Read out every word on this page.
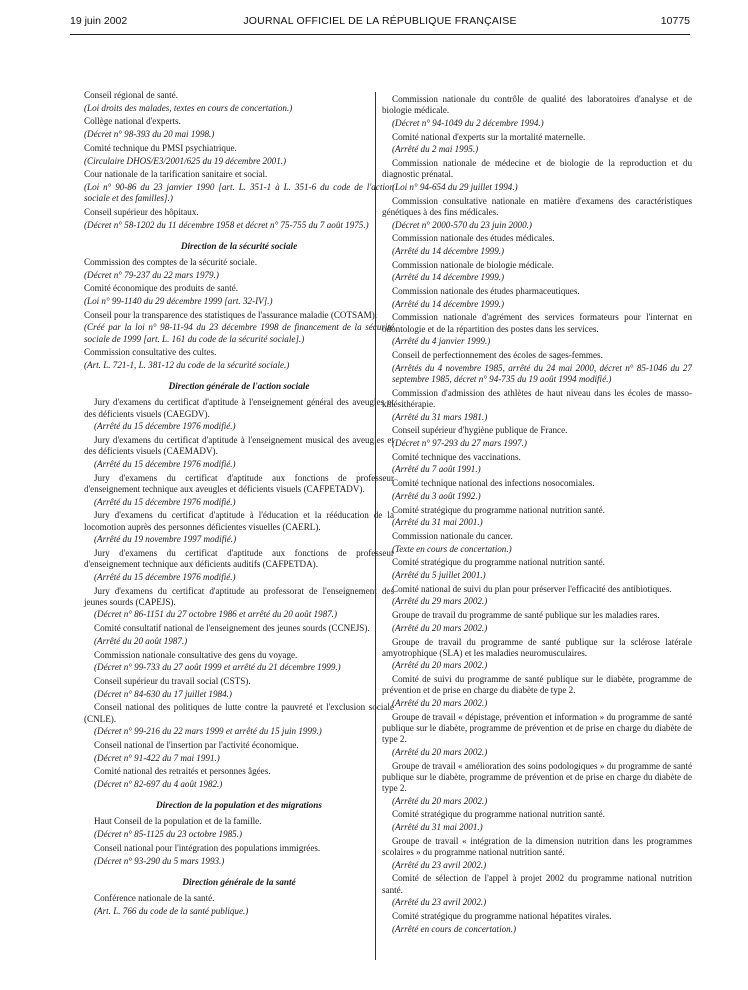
19 juin 2002	JOURNAL OFFICIEL DE LA RÉPUBLIQUE FRANÇAISE	10775
Conseil régional de santé.
(Loi droits des malades, textes en cours de concertation.)
Collège national d'experts.
(Décret n° 98-393 du 20 mai 1998.)
Comité technique du PMSI psychiatrique.
(Circulaire DHOS/E3/2001/625 du 19 décembre 2001.)
Cour nationale de la tarification sanitaire et social.
(Loi n° 90-86 du 23 janvier 1990 [art. L. 351-1 à L. 351-6 du code de l'action sociale et des familles].)
Conseil supérieur des hôpitaux.
(Décret n° 58-1202 du 11 décembre 1958 et décret n° 75-755 du 7 août 1975.)
Direction de la sécurité sociale
Commission des comptes de la sécurité sociale.
(Décret n° 79-237 du 22 mars 1979.)
Comité économique des produits de santé.
(Loi n° 99-1140 du 29 décembre 1999 [art. 32-IV].)
Conseil pour la transparence des statistiques de l'assurance maladie (COTSAM).
(Créé par la loi n° 98-11-94 du 23 décembre 1998 de financement de la sécurité sociale de 1999 [art. L. 161 du code de la sécurité sociale].)
Commission consultative des cultes.
(Art. L. 721-1, L. 381-12 du code de la sécurité sociale.)
Direction générale de l'action sociale
Jury d'examens du certificat d'aptitude à l'enseignement général des aveugles et des déficients visuels (CAEGDV).
(Arrêté du 15 décembre 1976 modifié.)
Jury d'examens du certificat d'aptitude à l'enseignement musical des aveugles et des déficients visuels (CAEMADV).
(Arrêté du 15 décembre 1976 modifié.)
Jury d'examens du certificat d'aptitude aux fonctions de professeur d'enseignement technique aux aveugles et déficients visuels (CAFPETADV).
(Arrêté du 15 décembre 1976 modifié.)
Jury d'examens du certificat d'aptitude à l'éducation et la rééducation de la locomotion auprès des personnes déficientes visuelles (CAERL).
(Arrêté du 19 novembre 1997 modifié.)
Jury d'examens du certificat d'aptitude aux fonctions de professeur d'enseignement technique aux déficients auditifs (CAFPETDA).
(Arrêté du 15 décembre 1976 modifié.)
Jury d'examens du certificat d'aptitude au professorat de l'enseignement des jeunes sourds (CAPEJS).
(Décret n° 86-1151 du 27 octobre 1986 et arrêté du 20 août 1987.)
Comité consultatif national de l'enseignement des jeunes sourds (CCNEJS).
(Arrêté du 20 août 1987.)
Commission nationale consultative des gens du voyage.
(Décret n° 99-733 du 27 août 1999 et arrêté du 21 décembre 1999.)
Conseil supérieur du travail social (CSTS).
(Décret n° 84-630 du 17 juillet 1984.)
Conseil national des politiques de lutte contre la pauvreté et l'exclusion sociale (CNLE).
(Décret n° 99-216 du 22 mars 1999 et arrêté du 15 juin 1999.)
Conseil national de l'insertion par l'activité économique.
(Décret n° 91-422 du 7 mai 1991.)
Comité national des retraités et personnes âgées.
(Décret n° 82-697 du 4 août 1982.)
Direction de la population et des migrations
Haut Conseil de la population et de la famille.
(Décret n° 85-1125 du 23 octobre 1985.)
Conseil national pour l'intégration des populations immigrées.
(Décret n° 93-290 du 5 mars 1993.)
Direction générale de la santé
Conférence nationale de la santé.
(Art. L. 766 du code de la santé publique.)
Commission nationale du contrôle de qualité des laboratoires d'analyse et de biologie médicale.
(Décret n° 94-1049 du 2 décembre 1994.)
Comité national d'experts sur la mortalité maternelle.
(Arrêté du 2 mai 1995.)
Commission nationale de médecine et de biologie de la reproduction et du diagnostic prénatal.
(Loi n° 94-654 du 29 juillet 1994.)
Commission consultative nationale en matière d'examens des caractéristiques génétiques à des fins médicales.
(Décret n° 2000-570 du 23 juin 2000.)
Commission nationale des études médicales.
(Arrêté du 14 décembre 1999.)
Commission nationale de biologie médicale.
(Arrêté du 14 décembre 1999.)
Commission nationale des études pharmaceutiques.
(Arrêté du 14 décembre 1999.)
Commission nationale d'agrément des services formateurs pour l'internat en odontologie et de la répartition des postes dans les services.
(Arrêté du 4 janvier 1999.)
Conseil de perfectionnement des écoles de sages-femmes.
(Arrêtés du 4 novembre 1985, arrêté du 24 mai 2000, décret n° 85-1046 du 27 septembre 1985, décret n° 94-735 du 19 août 1994 modifié.)
Commission d'admission des athlètes de haut niveau dans les écoles de masso-kinésithérapie.
(Arrêté du 31 mars 1981.)
Conseil supérieur d'hygiène publique de France.
(Décret n° 97-293 du 27 mars 1997.)
Comité technique des vaccinations.
(Arrêté du 7 août 1991.)
Comité technique national des infections nosocomiales.
(Arrêté du 3 août 1992.)
Comité stratégique du programme national nutrition santé.
(Arrêté du 31 mai 2001.)
Commission nationale du cancer.
(Texte en cours de concertation.)
Comité stratégique du programme national nutrition santé.
(Arrêté du 5 juillet 2001.)
Comité national de suivi du plan pour préserver l'efficacité des antibiotiques.
(Arrêté du 29 mars 2002.)
Groupe de travail du programme de santé publique sur les maladies rares.
(Arrêté du 20 mars 2002.)
Groupe de travail du programme de santé publique sur la sclérose latérale amyotrophique (SLA) et les maladies neuromusculaires.
(Arrêté du 20 mars 2002.)
Comité de suivi du programme de santé publique sur le diabète, programme de prévention et de prise en charge du diabète de type 2.
(Arrêté du 20 mars 2002.)
Groupe de travail « dépistage, prévention et information » du programme de santé publique sur le diabète, programme de prévention et de prise en charge du diabète de type 2.
(Arrêté du 20 mars 2002.)
Groupe de travail « amélioration des soins podologiques » du programme de santé publique sur le diabète, programme de prévention et de prise en charge du diabète de type 2.
(Arrêté du 20 mars 2002.)
Comité stratégique du programme national nutrition santé.
(Arrêté du 31 mai 2001.)
Groupe de travail « intégration de la dimension nutrition dans les programmes scolaires » du programme national nutrition santé.
(Arrêté du 23 avril 2002.)
Comité de sélection de l'appel à projet 2002 du programme national nutrition santé.
(Arrêté du 23 avril 2002.)
Comité stratégique du programme national hépatites virales.
(Arrêté en cours de concertation.)
